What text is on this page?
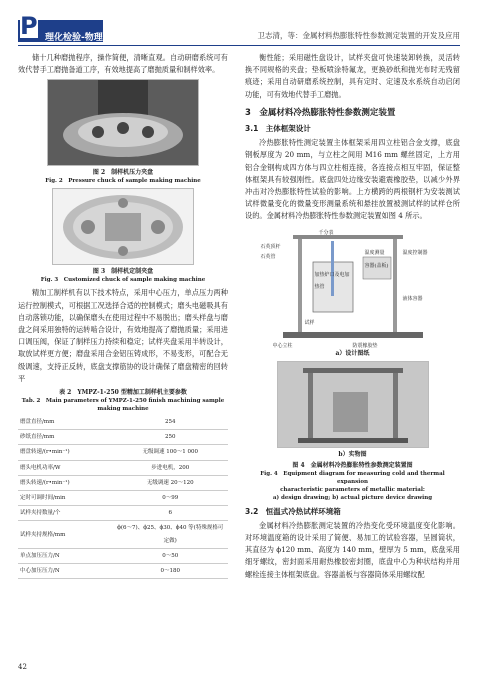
P 理化检验-物理分册	卫志清，等：金属材料热膨胀特性参数测定装置的开发及应用

储十几种磨抛程序，操作简便，清晰直观。自动研磨系统可有效代替手工磨抛备道工序，有效地提高了磨抛质量和制样效率。

图 2　制样机压力夹盘
Fig. 2　Pressure chuck of sample making machine
图 3　制样机定制夹盘
Fig. 3　Customized chuck of sample making machine

精加工制样机有以下技术特点，采用中心压力，单点压力两种运行控制模式，可根据工况选择合适的控制模式；磨头电磁吸具有自动落锁功能，以确保磨头在使用过程中不易脱出；磨头样盘与磨盘之间采用独特的运转啮合设计，有效地提高了磨抛质量；采用进口调压阀，保证了制样压力持续和稳定；试样夹盘采用半转设计，取放试样更方便；磨盘采用合金铝压铸成形，不易变形，可配合无级调速，支持正反转，底盘支撑筋协的设计确保了磨盘精密的回转平

表 2　YMPZ-1-250 型精加工制样机主要参数
Tab. 2　Main parameters of YMPZ-1-250 finish machining sample making machine
磨盘直径/mm	254
砂纸直径/mm	250
磨盘转速/(r•min⁻¹)	无级调速 100～1 000
磨头电机功率/W	步进电机，200
磨头转速/(r•min⁻¹)	无级调速 20～120
定时可调时间/min	0～99
试样夹持数量/个	6
试样夹持规格/mm	ϕ(6～7)、ϕ25、ϕ30、ϕ40 等(特殊规格可定做)
单点加压压力/N	0～50
中心加压压力/N	0～180
42

衡性能；采用磁性盘设计，试样夹盘可快速装卸转换，灵活转换不同规格的夹盘；垫板喷涂特氟龙，更换砂纸和抛光布时无残留痕迹；采用自动研磨系统控制，具有定时、定速及水系统自动启闭功能，可有效地代替手工磨抛。

3　金属材料冷热膨胀特性参数测定装置
3.1　主体框架设计

冷热膨胀特性测定装置主体框架采用四立柱铝合金支撑，底盘钢板厚度为 20 mm，与立柱之间用 M16 mm 螺丝固定，上方用铝合金钢构成四方体与四立柱相连接，各连接点相互牢固，保证整体框架具有较强刚性。底盘四处边缘安装避震橡胶垫，以减少外界冲击对冷热膨胀特性试验的影响。上方横跨的两根钢杆为安装测试试样微量变化的微量变形测量系统和悬挂放置被测试样的试样仓所设的。金属材料冷热膨胀特性参数测定装置如图 4 所示。

千分表
石英顶杆
石英管
加热炉口及电加热管
温度测量
容器(盖板)
温度控制器
液体容器
试样
中心立柱	防震橡胶垫
a）设计图纸
b）实物图
图 4　金属材料冷热膨胀特性参数测定装置图
Fig. 4　Equipment diagram for measuring cold and thermal expansion
characteristic parameters of metallic material:
a) design drawing; b) actual picture device drawing
3.2　恒温式冷热试样环境箱

金属材料冷热膨胀测定装置的冷热变化受环境温度变化影响。对环境温度箱的设计采用了简便、易加工的试验容器，呈圆筒状，其直径为 ϕ120 mm、高度为 140 mm，壁厚为 5 mm，底盘采用细牙螺纹，密封面采用耐热橡胶密封圈，底盘中心为种状结构并用螺栓连接主体框架底盘。容器盖板与容器筒体采用螺纹配
